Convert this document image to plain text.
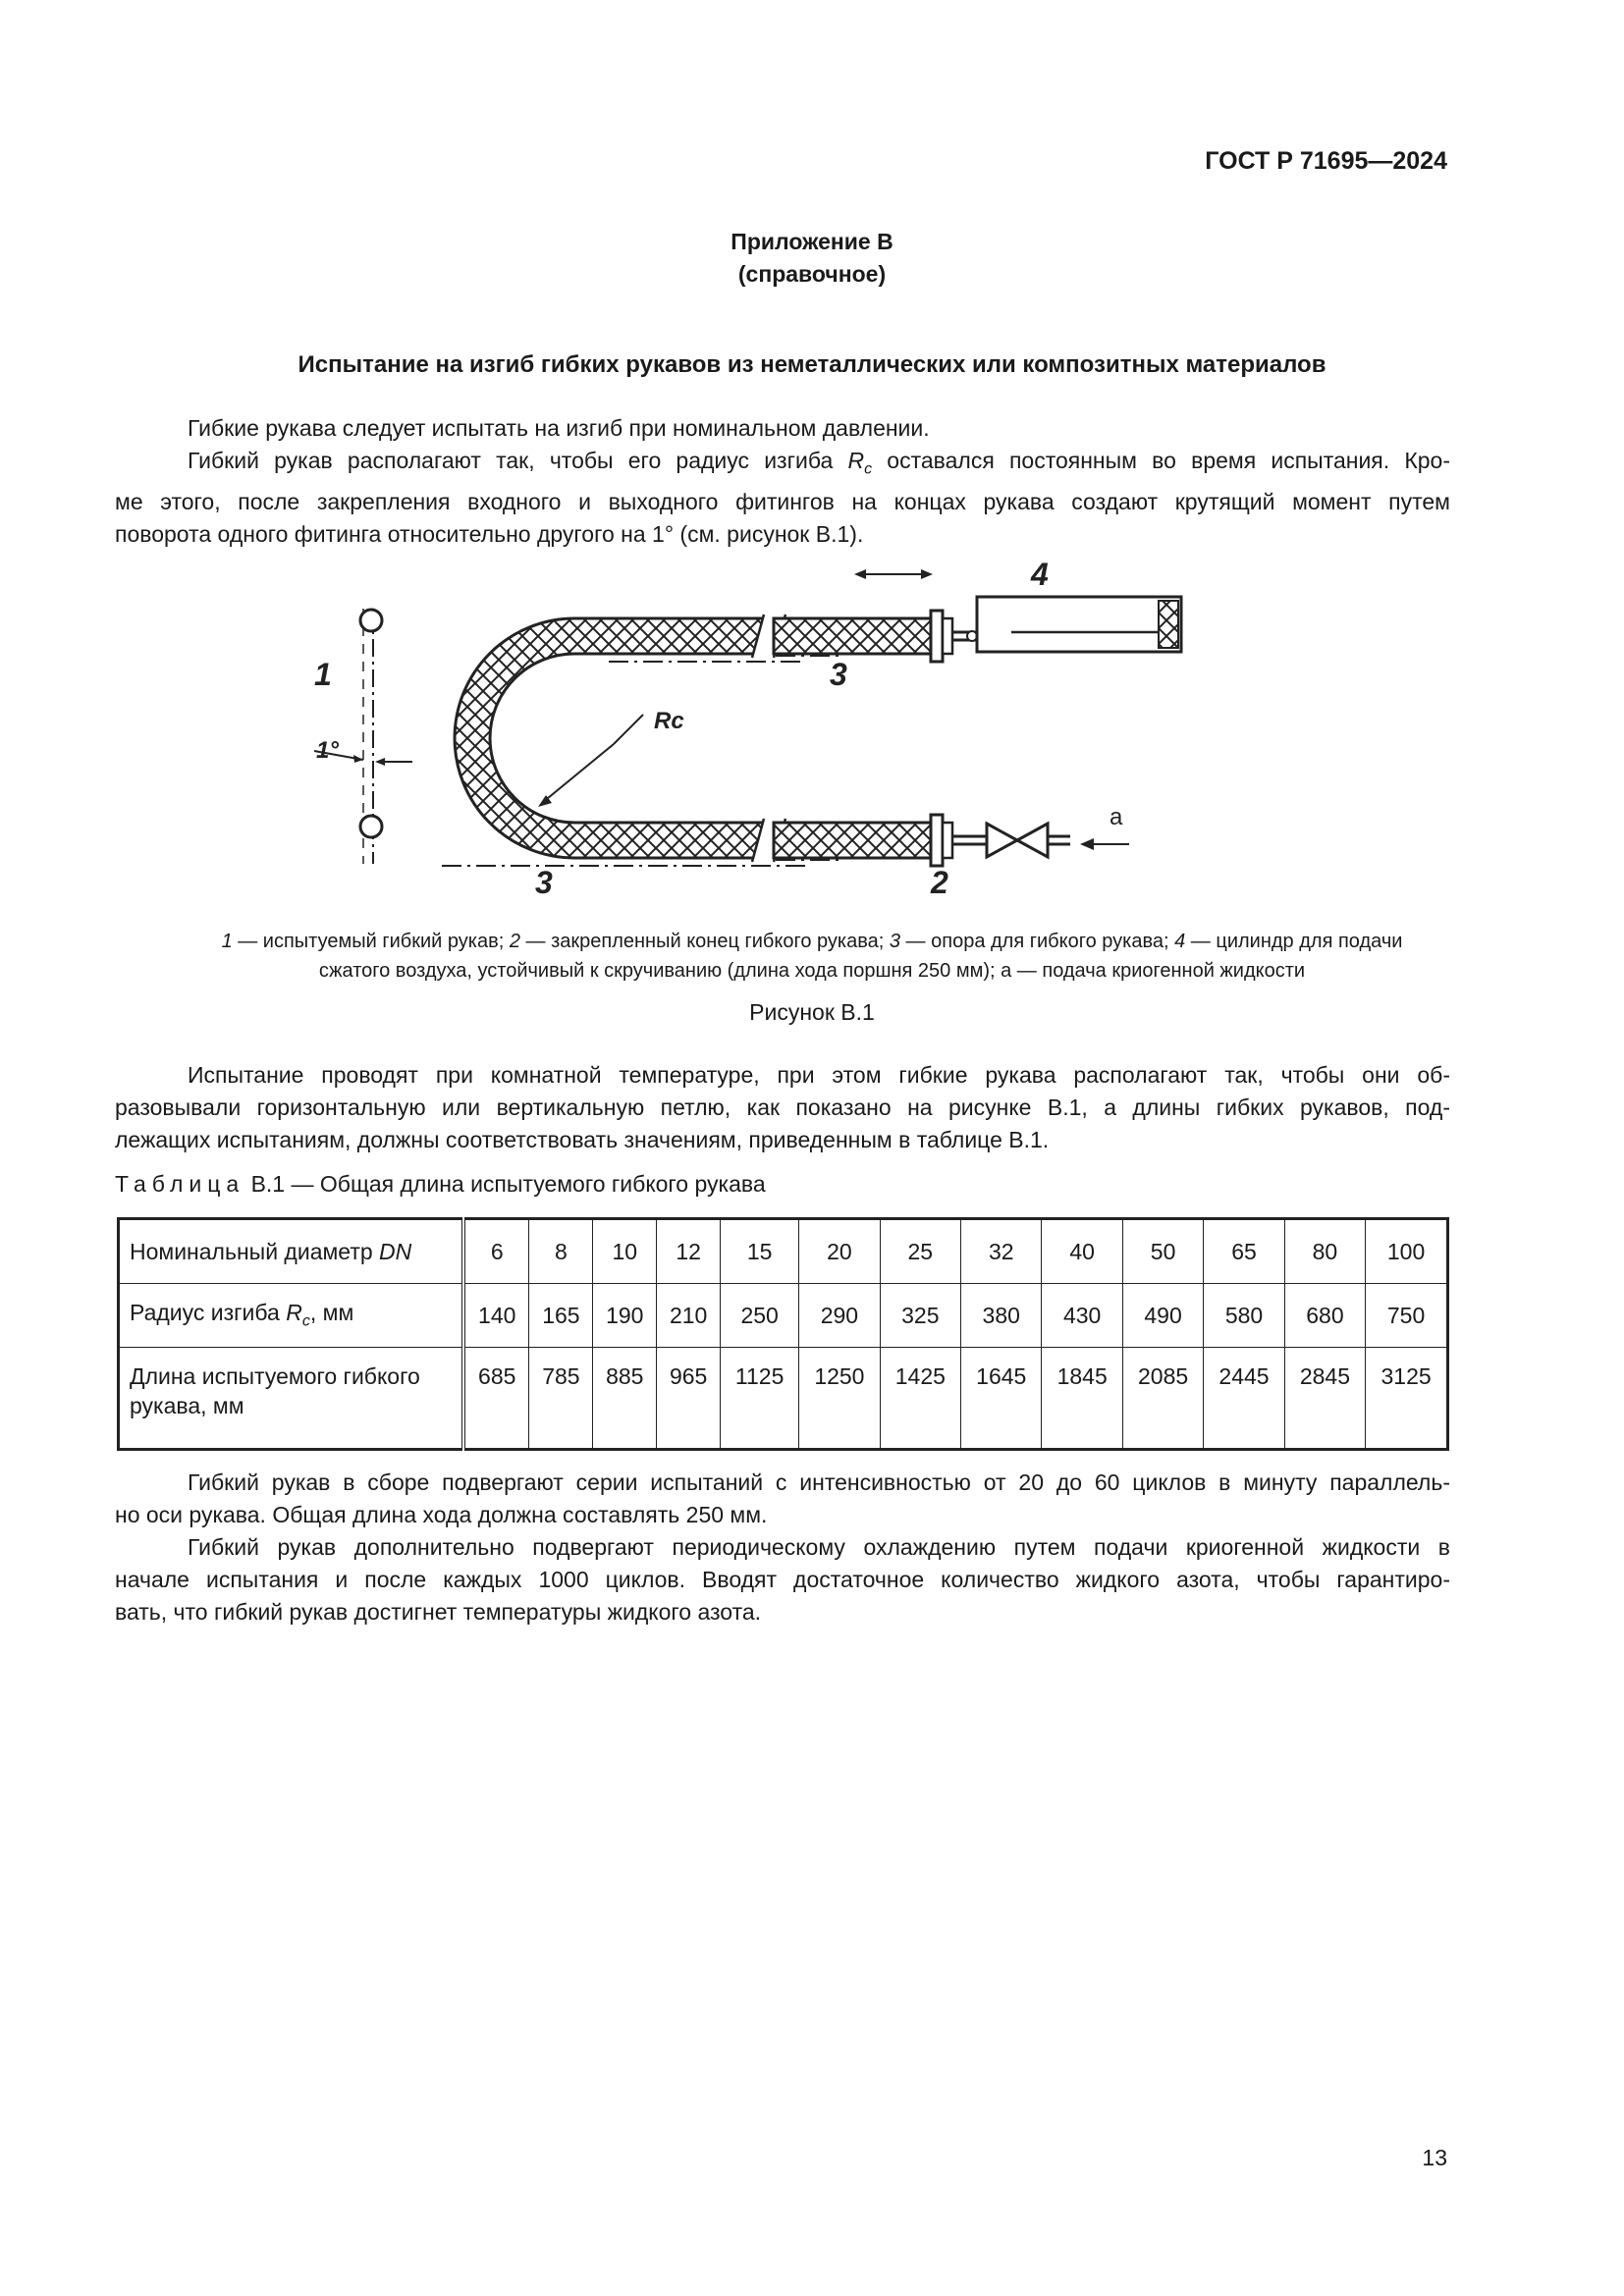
ГОСТ Р 71695—2024
Приложение В
(справочное)
Испытание на изгиб гибких рукавов из неметаллических или композитных материалов
Гибкие рукава следует испытать на изгиб при номинальном давлении.
Гибкий рукав располагают так, чтобы его радиус изгиба $R_c$ оставался постоянным во время испытания. Кро-
ме этого, после закрепления входного и выходного фитингов на концах рукава создают крутящий момент путем
поворота одного фитинга относительно другого на 1° (см. рисунок В.1).
1°
1
Rc
3
3
4
2
а
1 — испытуемый гибкий рукав; 2 — закрепленный конец гибкого рукава; 3 — опора для гибкого рукава; 4 — цилиндр для подачи
сжатого воздуха, устойчивый к скручиванию (длина хода поршня 250 мм); а — подача криогенной жидкости
Рисунок В.1
Испытание проводят при комнатной температуре, при этом гибкие рукава располагают так, чтобы они об-
разовывали горизонтальную или вертикальную петлю, как показано на рисунке В.1, а длины гибких рукавов, под-
лежащих испытаниям, должны соответствовать значениям, приведенным в таблице В.1.
Таблица В.1 — Общая длина испытуемого гибкого рукава
Номинальный диаметр DN	6	8	10	12	15	20	25	32	40	50	65	80	100
Радиус изгиба $R_c$, мм	140	165	190	210	250	290	325	380	430	490	580	680	750
Длина испытуемого гибкого рукава, мм	685	785	885	965	1125	1250	1425	1645	1845	2085	2445	2845	3125
Гибкий рукав в сборе подвергают серии испытаний с интенсивностью от 20 до 60 циклов в минуту параллель-
но оси рукава. Общая длина хода должна составлять 250 мм.
Гибкий рукав дополнительно подвергают периодическому охлаждению путем подачи криогенной жидкости в
начале испытания и после каждых 1000 циклов. Вводят достаточное количество жидкого азота, чтобы гарантиро-
вать, что гибкий рукав достигнет температуры жидкого азота.
13
